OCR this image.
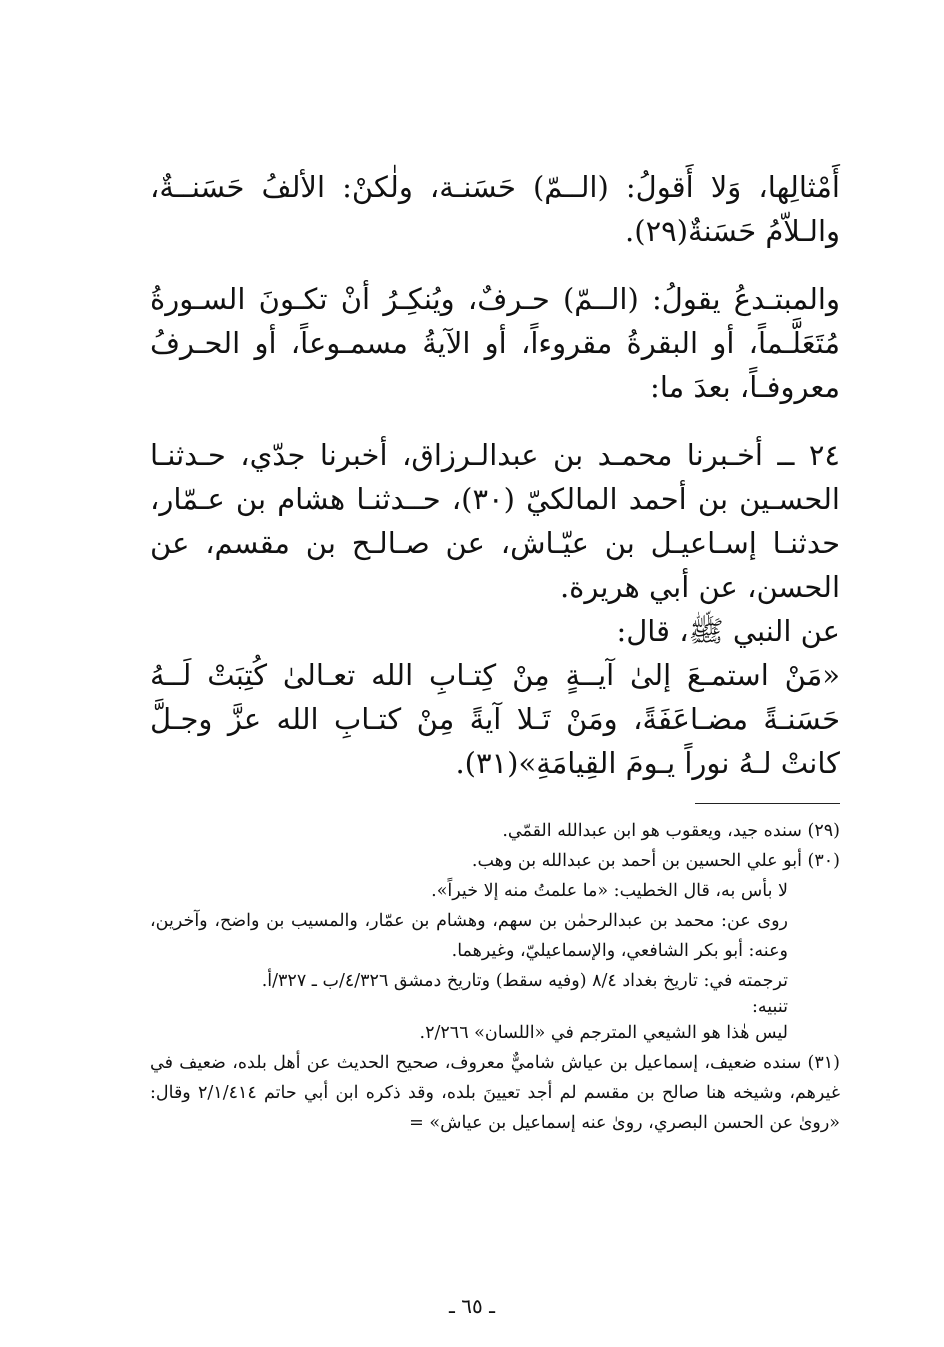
أَمْثالِها، وَلا أَقولُ: (الــمّ) حَسَنـة، ولٰكنْ: الألفُ حَسَنــةٌ، والـلاّمُ حَسَنةٌ(٢٩).

والمبتـدعُ يقولُ: (الــمّ) حـرفٌ، ويُنكِـرُ أنْ تكـونَ السـورةُ مُتَعَلَّـماً، أو البقرةُ مقروءاً، أو الآيةُ مسمـوعاً، أو الحـرفُ معروفـاً، بعدَ ما:

٢٤ ــ أخـبرنا محمـد بن عبدالـرزاق، أخبرنا جدّي، حـدثنـا الحسـين بن أحمد المالكيّ (٣٠)، حــدثنـا هشام بن عـمّار، حدثنـا إسـاعيـل بن عيّـاش، عن صـالـح بن مقسم، عن الحسن، عن أبي هريرة.

عن النبي ﷺ، قال:

«مَنْ استمـعَ إلىٰ آيــةٍ مِنْ كِتـابِ الله تعـالىٰ كُتِبَتْ لَــهُ حَسَنـةً مضـاعَفَةً، ومَنْ تَـلا آيةً مِنْ كتـابِ الله عزَّ وجـلَّ كانتْ لـهُ نوراً يـومَ القِيامَةِ»(٣١).

(٢٩) سنده جيد، ويعقوب هو ابن عبدالله القمّي.

(٣٠) أبو علي الحسين بن أحمد بن عبدالله بن وهب.

لا بأس به، قال الخطيب: «ما علمتُ منه إلا خيراً».

روى عن: محمد بن عبدالرحمٰن بن سهم، وهشام بن عمّار، والمسيب بن واضح، وآخرين، وعنه: أبو بكر الشافعي، والإسماعيليّ، وغيرهما.

ترجمته في: تاريخ بغداد ٨/٤ (وفيه سقط) وتاريخ دمشق ٤/٣٢٦/ب ـ ٣٢٧/أ.

تنبيه:

ليس هٰذا هو الشيعي المترجم في «اللسان» ٢/٢٦٦.

(٣١) سنده ضعيف، إسماعيل بن عياش شاميٌّ معروف، صحيح الحديث عن أهل بلده، ضعيف في غيرهم، وشيخه هنا صالح بن مقسم لم أجد تعيينَ بلده، وقد ذكره ابن أبي حاتم ٢/١/٤١٤ وقال: «روىٰ عن الحسن البصري، روىٰ عنه إسماعيل بن عياش» =

ـ ٦٥ ـ
